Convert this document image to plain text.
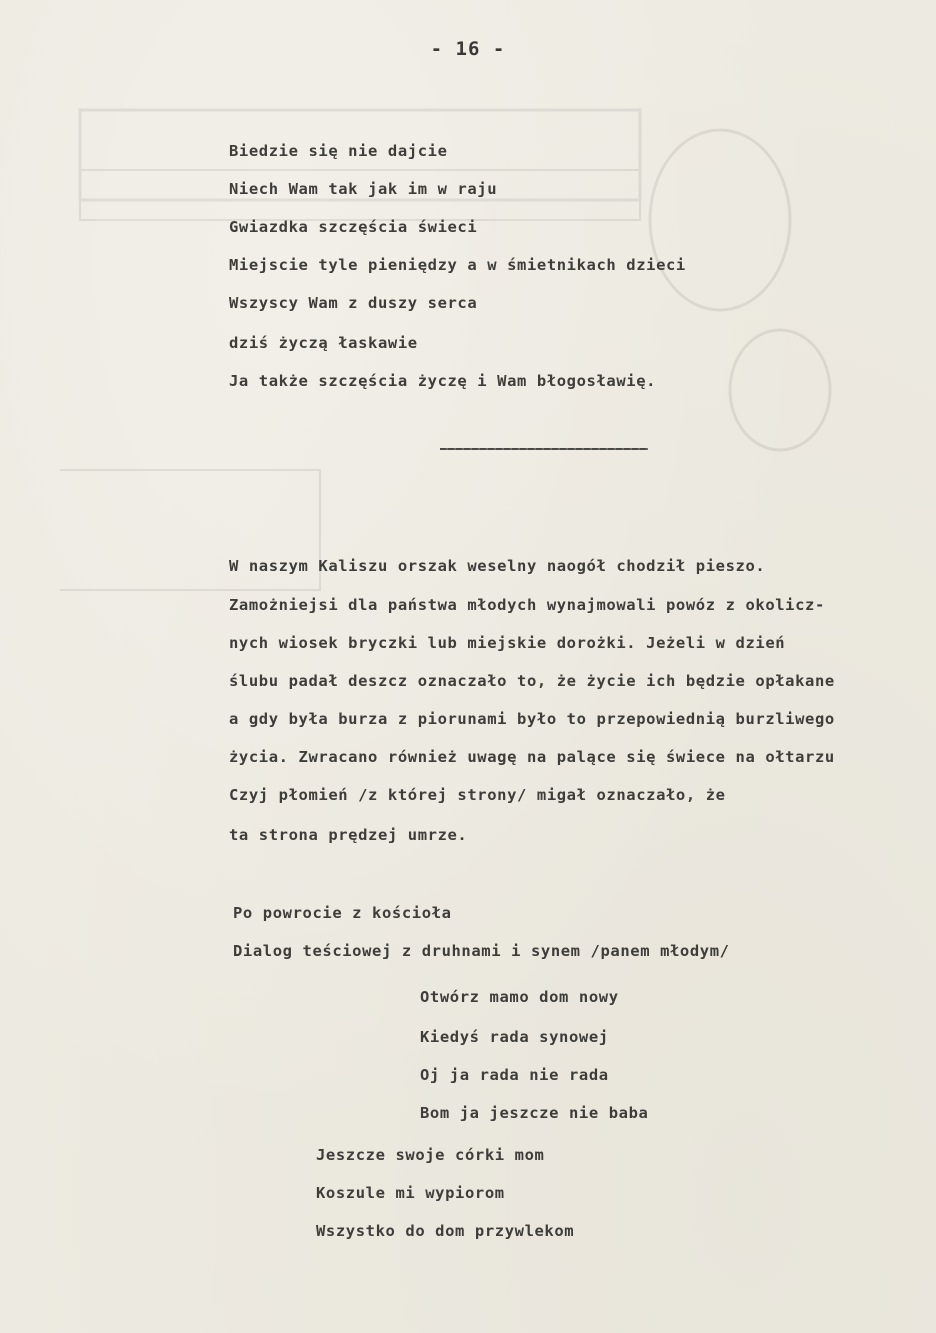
- 16 -
Biedzie się nie dajcie
Niech Wam tak jak im w raju
Gwiazdka szczęścia świeci
Miejscie tyle pieniędzy a w śmietnikach dzieci
Wszyscy Wam z duszy serca
dziś życzą łaskawie
Ja także szczęścia życzę i Wam błogosławię.
W naszym Kaliszu orszak weselny naogół chodził pieszo.
Zamożniejsi dla państwa młodych wynajmowali powóz z okolicz-
nych wiosek bryczki lub miejskie dorożki. Jeżeli w dzień
ślubu padał deszcz oznaczało to, że życie ich będzie opłakane
a gdy była burza z piorunami było to przepowiednią burzliwego
życia. Zwracano również uwagę na palące się świece na ołtarzu
Czyj płomień /z której strony/ migał oznaczało, że
ta strona prędzej umrze.
Po powrocie z kościoła
Dialog teściowej z druhnami i synem /panem młodym/
Otwórz mamo dom nowy
Kiedyś rada synowej
Oj ja rada nie rada
Bom ja jeszcze nie baba
Jeszcze swoje córki mom
Koszule mi wypiorom
Wszystko do dom przywlekom
